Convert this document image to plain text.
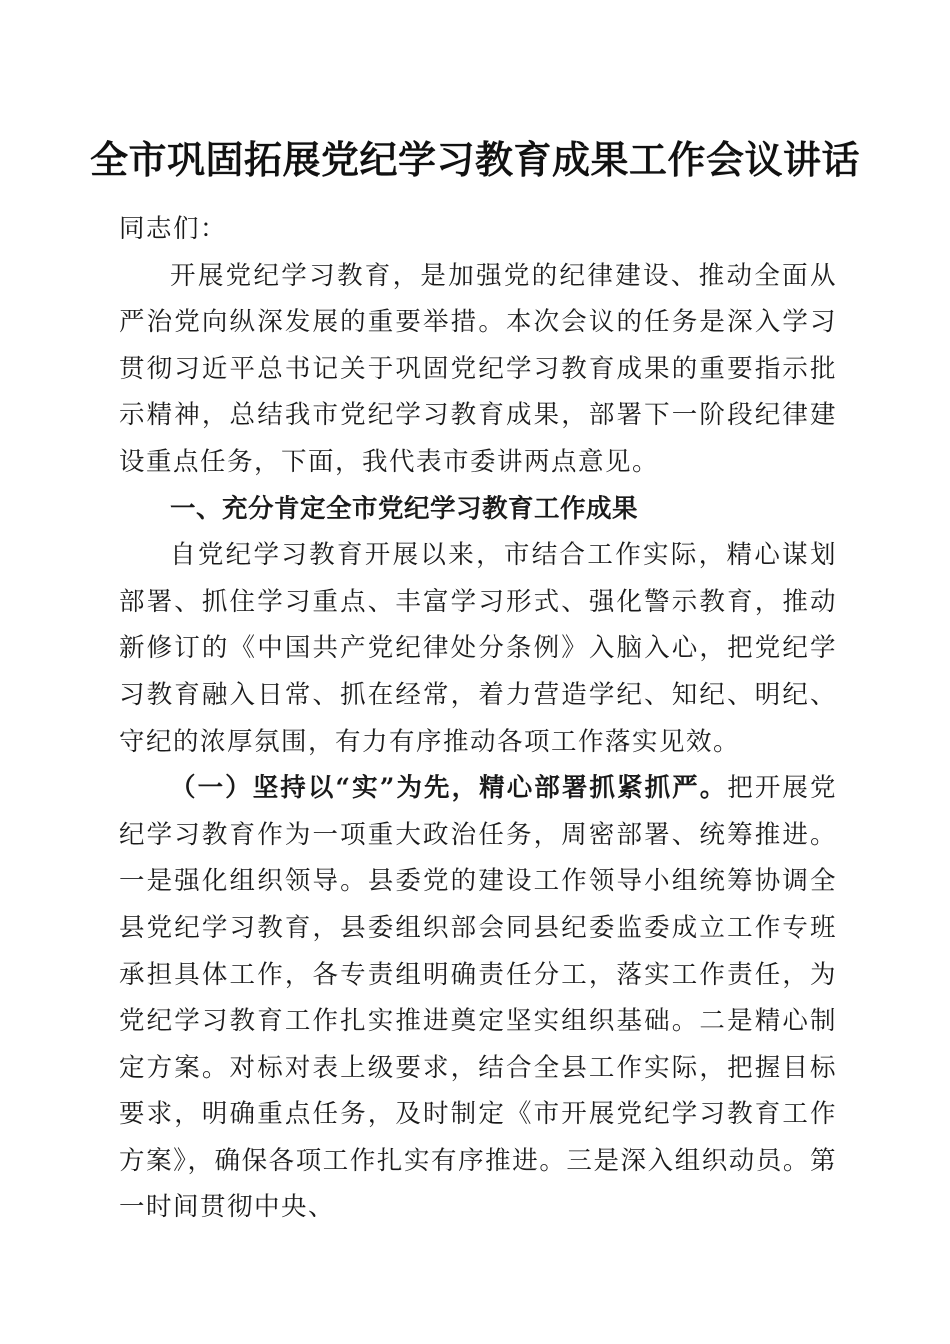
全市巩固拓展党纪学习教育成果工作会议讲话

同志们：

开展党纪学习教育，是加强党的纪律建设、推动全面从严治党向纵深发展的重要举措。本次会议的任务是深入学习贯彻习近平总书记关于巩固党纪学习教育成果的重要指示批示精神，总结我市党纪学习教育成果，部署下一阶段纪律建设重点任务，下面，我代表市委讲两点意见。

一、充分肯定全市党纪学习教育工作成果

自党纪学习教育开展以来，市结合工作实际，精心谋划部署、抓住学习重点、丰富学习形式、强化警示教育，推动新修订的《中国共产党纪律处分条例》入脑入心，把党纪学习教育融入日常、抓在经常，着力营造学纪、知纪、明纪、守纪的浓厚氛围，有力有序推动各项工作落实见效。

（一）坚持以“实”为先，精心部署抓紧抓严。把开展党纪学习教育作为一项重大政治任务，周密部署、统筹推进。一是强化组织领导。县委党的建设工作领导小组统筹协调全县党纪学习教育，县委组织部会同县纪委监委成立工作专班承担具体工作，各专责组明确责任分工，落实工作责任，为党纪学习教育工作扎实推进奠定坚实组织基础。二是精心制定方案。对标对表上级要求，结合全县工作实际，把握目标要求，明确重点任务，及时制定《市开展党纪学习教育工作方案》，确保各项工作扎实有序推进。三是深入组织动员。第一时间贯彻中央、
